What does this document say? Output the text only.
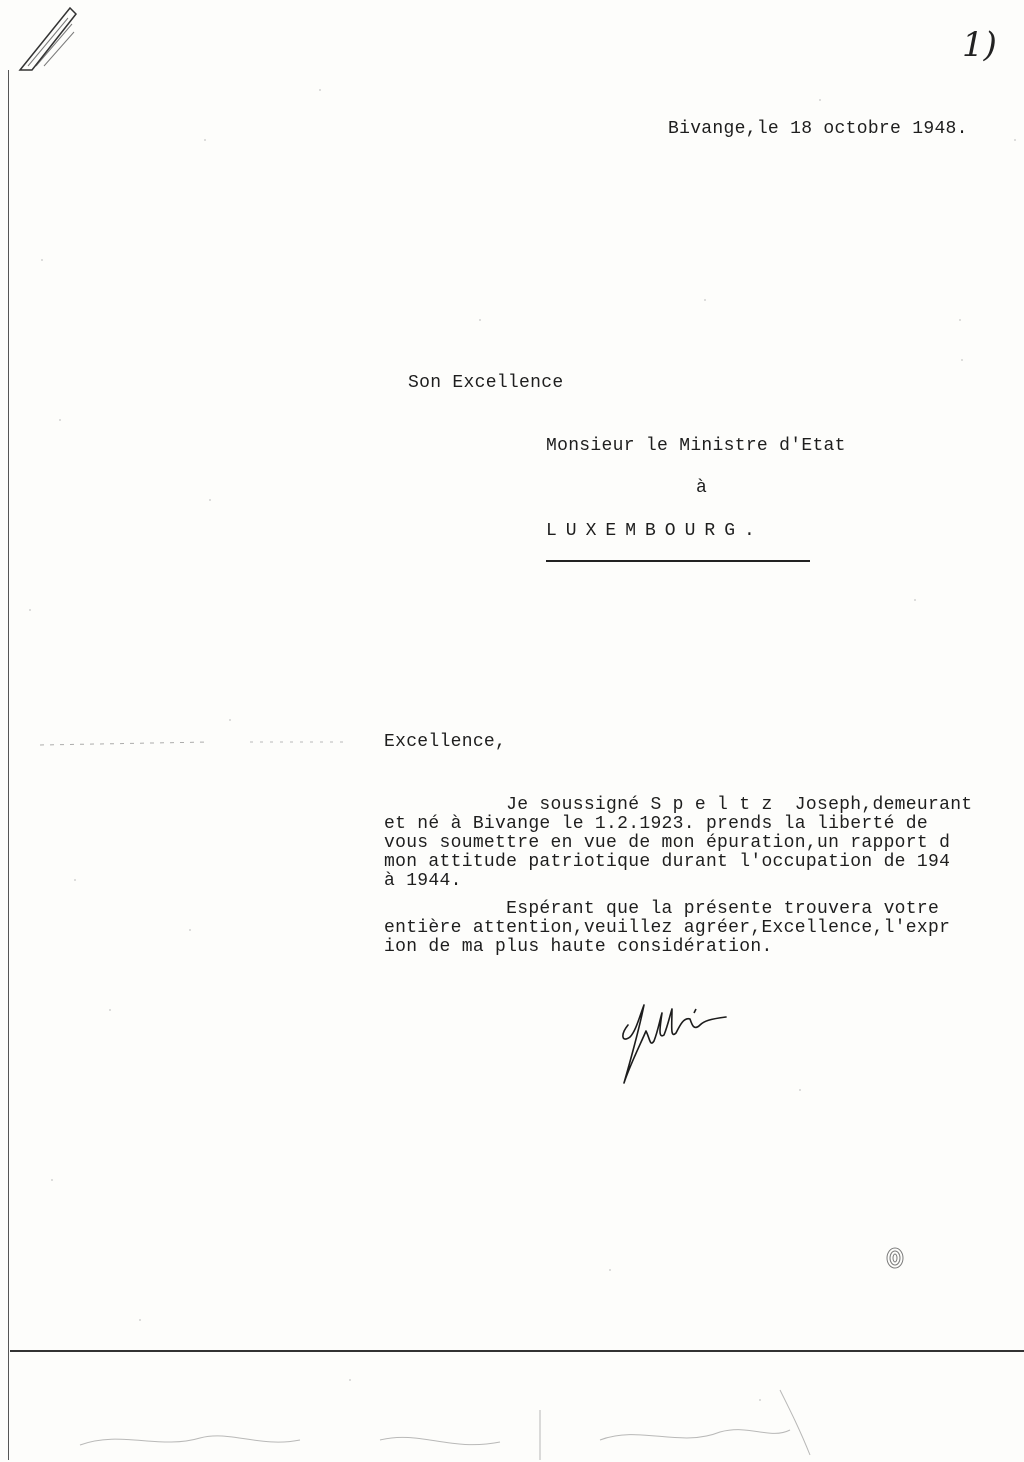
1)
Bivange,le 18 octobre 1948.
Son Excellence
Monsieur le Ministre d'Etat
à
LUXEMBOURG.
Excellence,
Je soussigné S p e l t z  Joseph,demeurant
et né à Bivange le 1.2.1923. prends la liberté de
vous soumettre en vue de mon épuration,un rapport d
mon attitude patriotique durant l'occupation de 194
à 1944.
Espérant que la présente trouvera votre
entière attention,veuillez agréer,Excellence,l'expr
ion de ma plus haute considération.
